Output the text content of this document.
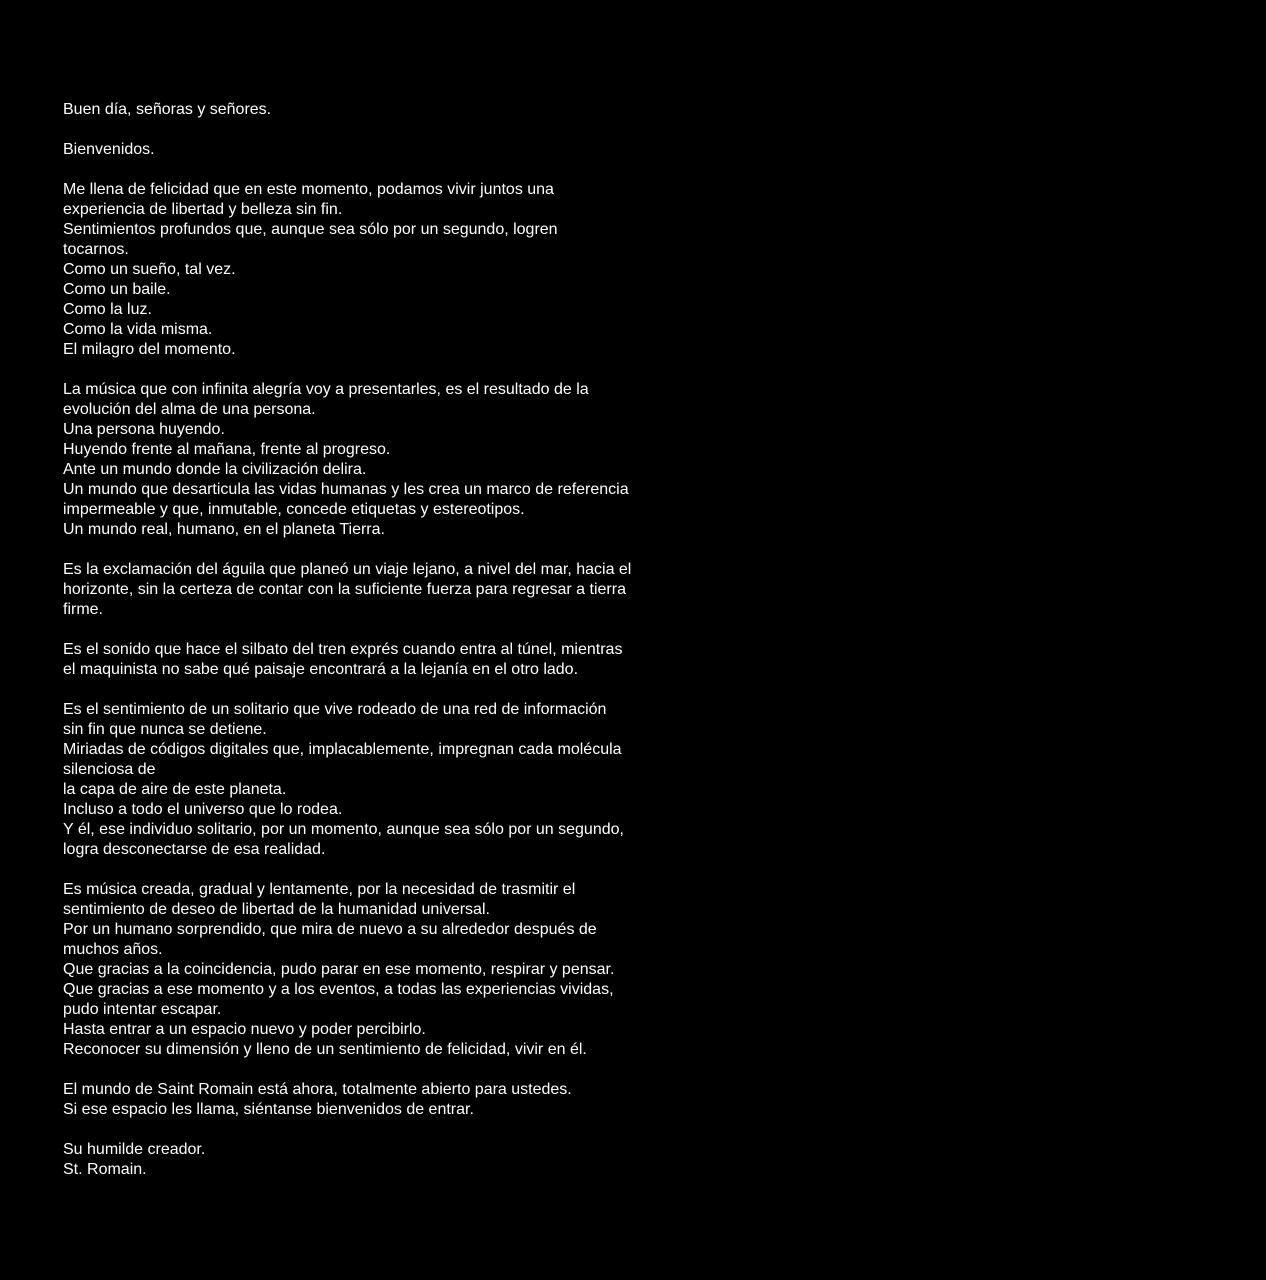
Buen día, señoras y señores.
Bienvenidos.
Me llena de felicidad que en este momento, podamos vivir juntos una
experiencia de libertad y belleza sin fin.
Sentimientos profundos que, aunque sea sólo por un segundo, logren
tocarnos.
Como un sueño, tal vez.
Como un baile.
Como la luz.
Como la vida misma.
El milagro del momento.
La música que con infinita alegría voy a presentarles, es el resultado de la
evolución del alma de una persona.
Una persona huyendo.
Huyendo frente al mañana, frente al progreso.
Ante un mundo donde la civilización delira.
Un mundo que desarticula las vidas humanas y les crea un marco de referencia
impermeable y que, inmutable, concede etiquetas y estereotipos.
Un mundo real, humano, en el planeta Tierra.
Es la exclamación del águila que planeó un viaje lejano, a nivel del mar, hacia el
horizonte, sin la certeza de contar con la suficiente fuerza para regresar a tierra
firme.
Es el sonido que hace el silbato del tren exprés cuando entra al túnel, mientras
el maquinista no sabe qué paisaje encontrará a la lejanía en el otro lado.
Es el sentimiento de un solitario que vive rodeado de una red de información
sin fin que nunca se detiene.
Miriadas de códigos digitales que, implacablemente, impregnan cada molécula
silenciosa de
la capa de aire de este planeta.
Incluso a todo el universo que lo rodea.
Y él, ese individuo solitario, por un momento, aunque sea sólo por un segundo,
logra desconectarse de esa realidad.
Es música creada, gradual y lentamente, por la necesidad de trasmitir el
sentimiento de deseo de libertad de la humanidad universal.
Por un humano sorprendido, que mira de nuevo a su alrededor después de
muchos años.
Que gracias a la coincidencia, pudo parar en ese momento, respirar y pensar.
Que gracias a ese momento y a los eventos, a todas las experiencias vividas,
pudo intentar escapar.
Hasta entrar a un espacio nuevo y poder percibirlo.
Reconocer su dimensión y lleno de un sentimiento de felicidad, vivir en él.
El mundo de Saint Romain está ahora, totalmente abierto para ustedes.
Si ese espacio les llama, siéntanse bienvenidos de entrar.
Su humilde creador.
St. Romain.
